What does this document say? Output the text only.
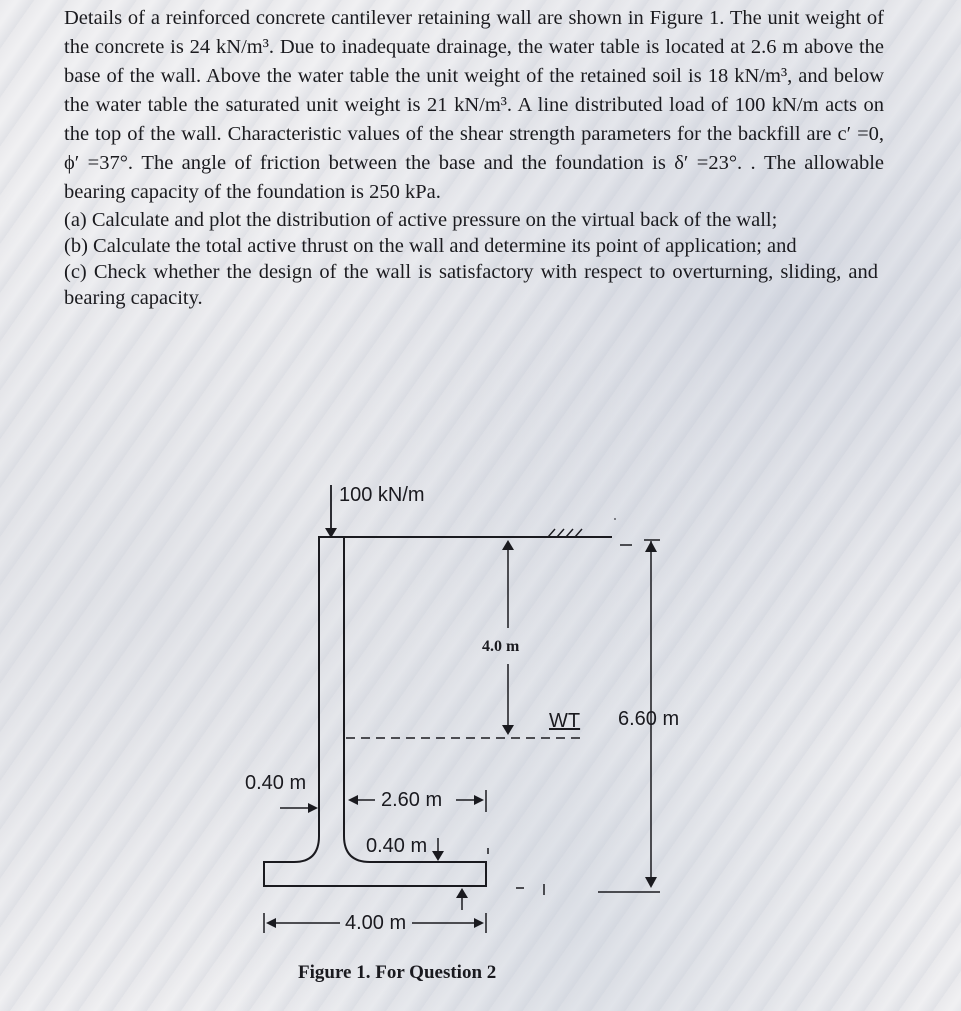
Details of a reinforced concrete cantilever retaining wall are shown in Figure 1. The unit weight of the concrete is 24 kN/m³. Due to inadequate drainage, the water table is located at 2.6 m above the base of the wall. Above the water table the unit weight of the retained soil is 18 kN/m³, and below the water table the saturated unit weight is 21 kN/m³. A line distributed load of 100 kN/m acts on the top of the wall. Characteristic values of the shear strength parameters for the backfill are c′ =0, ϕ′ =37°. The angle of friction between the base and the foundation is δ′ =23°. . The allowable bearing capacity of the foundation is 250 kPa.

(a) Calculate and plot the distribution of active pressure on the virtual back of the wall;

(b) Calculate the total active thrust on the wall and determine its point of application; and

(c) Check whether the design of the wall is satisfactory with respect to overturning, sliding, and bearing capacity.

100 kN/m
4.0 m
WT 6.60 m
0.40 m
2.60 m
0.40 m
4.00 m
Figure 1. For Question 2
